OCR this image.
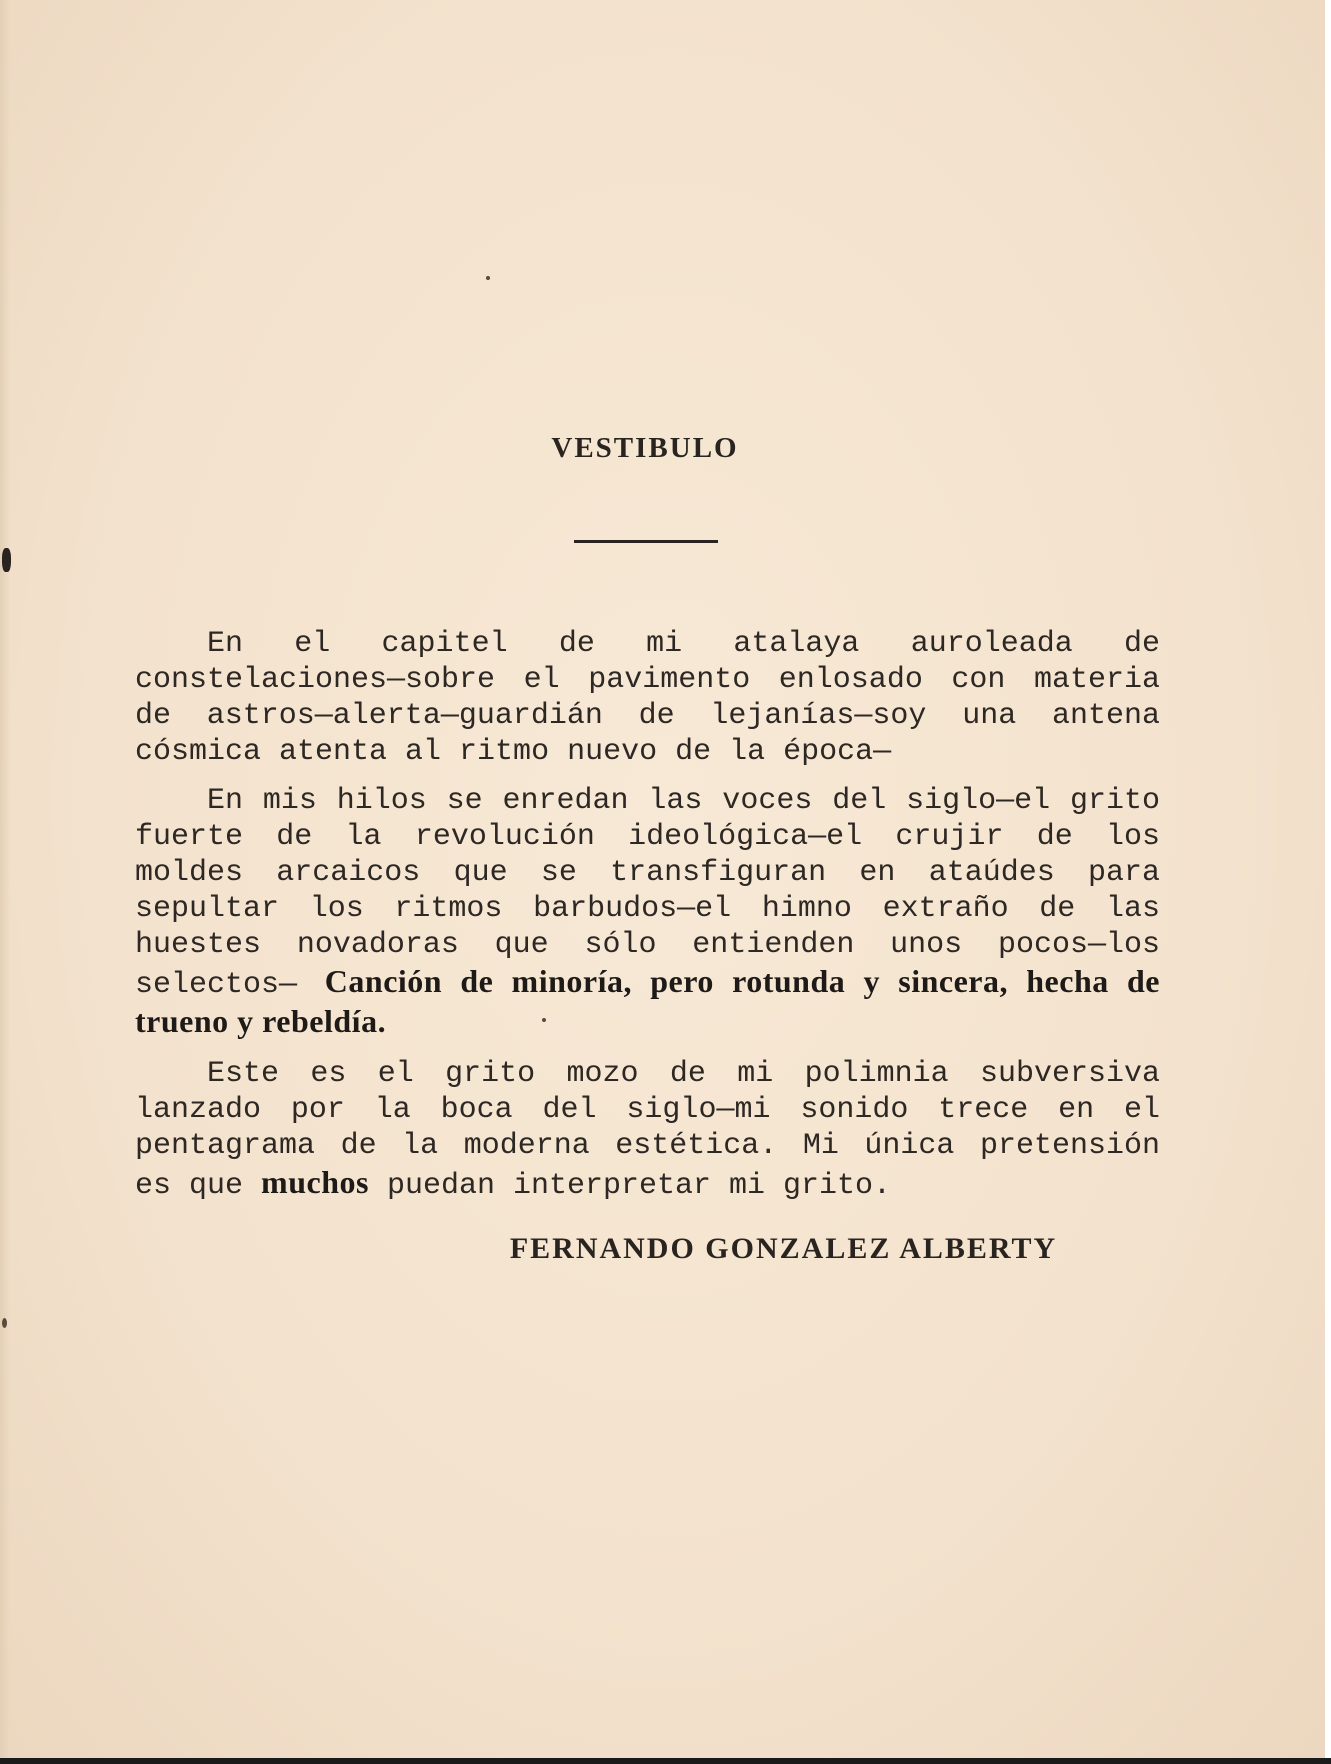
VESTIBULO

En el capitel de mi atalaya auroleada de constelaciones—sobre el pavimento enlosado con materia de astros—alerta—guardián de lejanías—soy una antena cósmica atenta al ritmo nuevo de la época—

En mis hilos se enredan las voces del siglo—el grito fuerte de la revolución ideológica—el crujir de los moldes arcaicos que se transfiguran en ataúdes para sepultar los ritmos barbudos—el himno extraño de las huestes novadoras que sólo entienden unos pocos—los selectos— Canción de minoría, pero rotunda y sincera, hecha de trueno y rebeldía.

Este es el grito mozo de mi polimnia subversiva lanzado por la boca del siglo—mi sonido trece en el pentagrama de la moderna estética. Mi única pretensión es que muchos puedan interpretar mi grito.

FERNANDO GONZALEZ ALBERTY
